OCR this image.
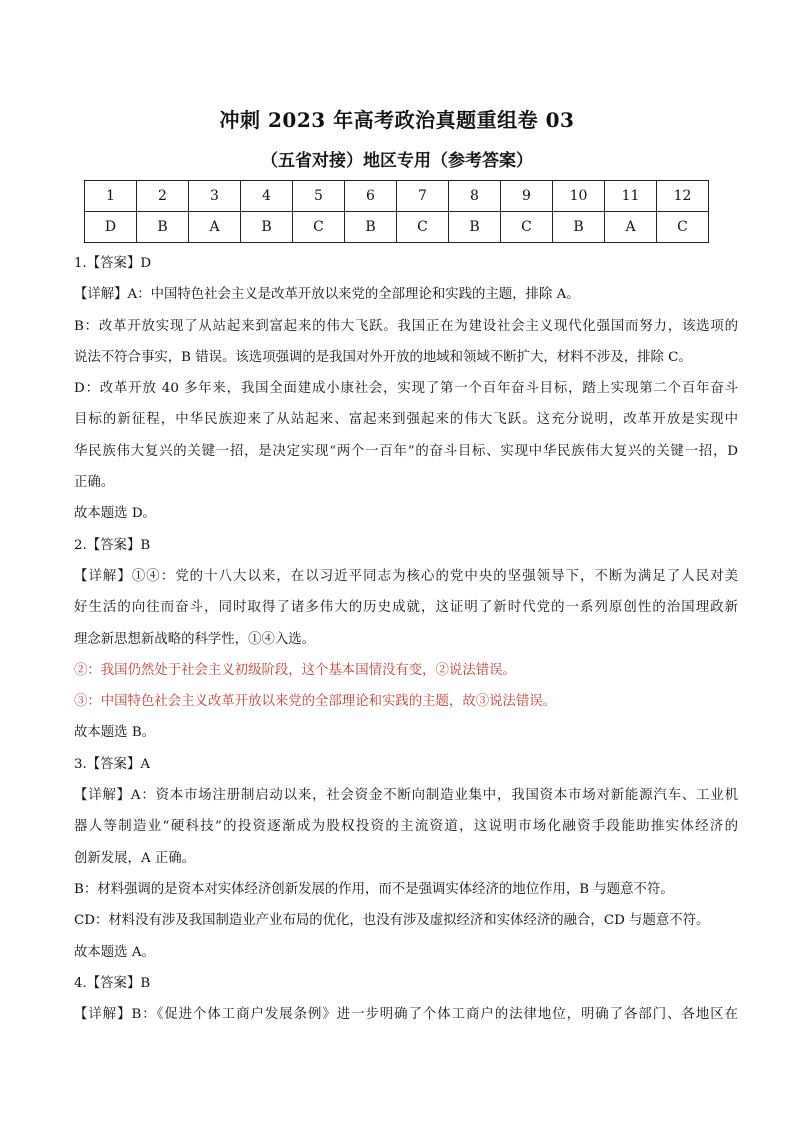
冲刺 2023 年高考政治真题重组卷 03
（五省对接）地区专用（参考答案）
1	2	3	4	5	6	7	8	9	10	11	12
D	B	A	B	C	B	C	B	C	B	A	C
1.【答案】D
【详解】A：中国特色社会主义是改革开放以来党的全部理论和实践的主题，排除 A。
B：改革开放实现了从站起来到富起来的伟大飞跃。我国正在为建设社会主义现代化强国而努力，该选项的
说法不符合事实，B 错误。该选项强调的是我国对外开放的地域和领域不断扩大，材料不涉及，排除 C。
D：改革开放 40 多年来，我国全面建成小康社会，实现了第一个百年奋斗目标，踏上实现第二个百年奋斗
目标的新征程，中华民族迎来了从站起来、富起来到强起来的伟大飞跃。这充分说明，改革开放是实现中
华民族伟大复兴的关键一招，是决定实现“两个一百年”的奋斗目标、实现中华民族伟大复兴的关键一招，D
正确。
故本题选 D。
2.【答案】B
【详解】①④：党的十八大以来，在以习近平同志为核心的党中央的坚强领导下，不断为满足了人民对美
好生活的向往而奋斗，同时取得了诸多伟大的历史成就，这证明了新时代党的一系列原创性的治国理政新
理念新思想新战略的科学性，①④入选。
②：我国仍然处于社会主义初级阶段，这个基本国情没有变，②说法错误。
③：中国特色社会主义改革开放以来党的全部理论和实践的主题，故③说法错误。
故本题选 B。
3.【答案】A
【详解】A：资本市场注册制启动以来，社会资金不断向制造业集中，我国资本市场对新能源汽车、工业机
器人等制造业“硬科技”的投资逐渐成为股权投资的主流资道，这说明市场化融资手段能助推实体经济的
创新发展，A 正确。
B：材料强调的是资本对实体经济创新发展的作用，而不是强调实体经济的地位作用，B 与题意不符。
CD：材料没有涉及我国制造业产业布局的优化，也没有涉及虚拟经济和实体经济的融合，CD 与题意不符。
故本题选 A。
4.【答案】B
【详解】B：《促进个体工商户发展条例》进一步明确了个体工商户的法律地位，明确了各部门、各地区在
